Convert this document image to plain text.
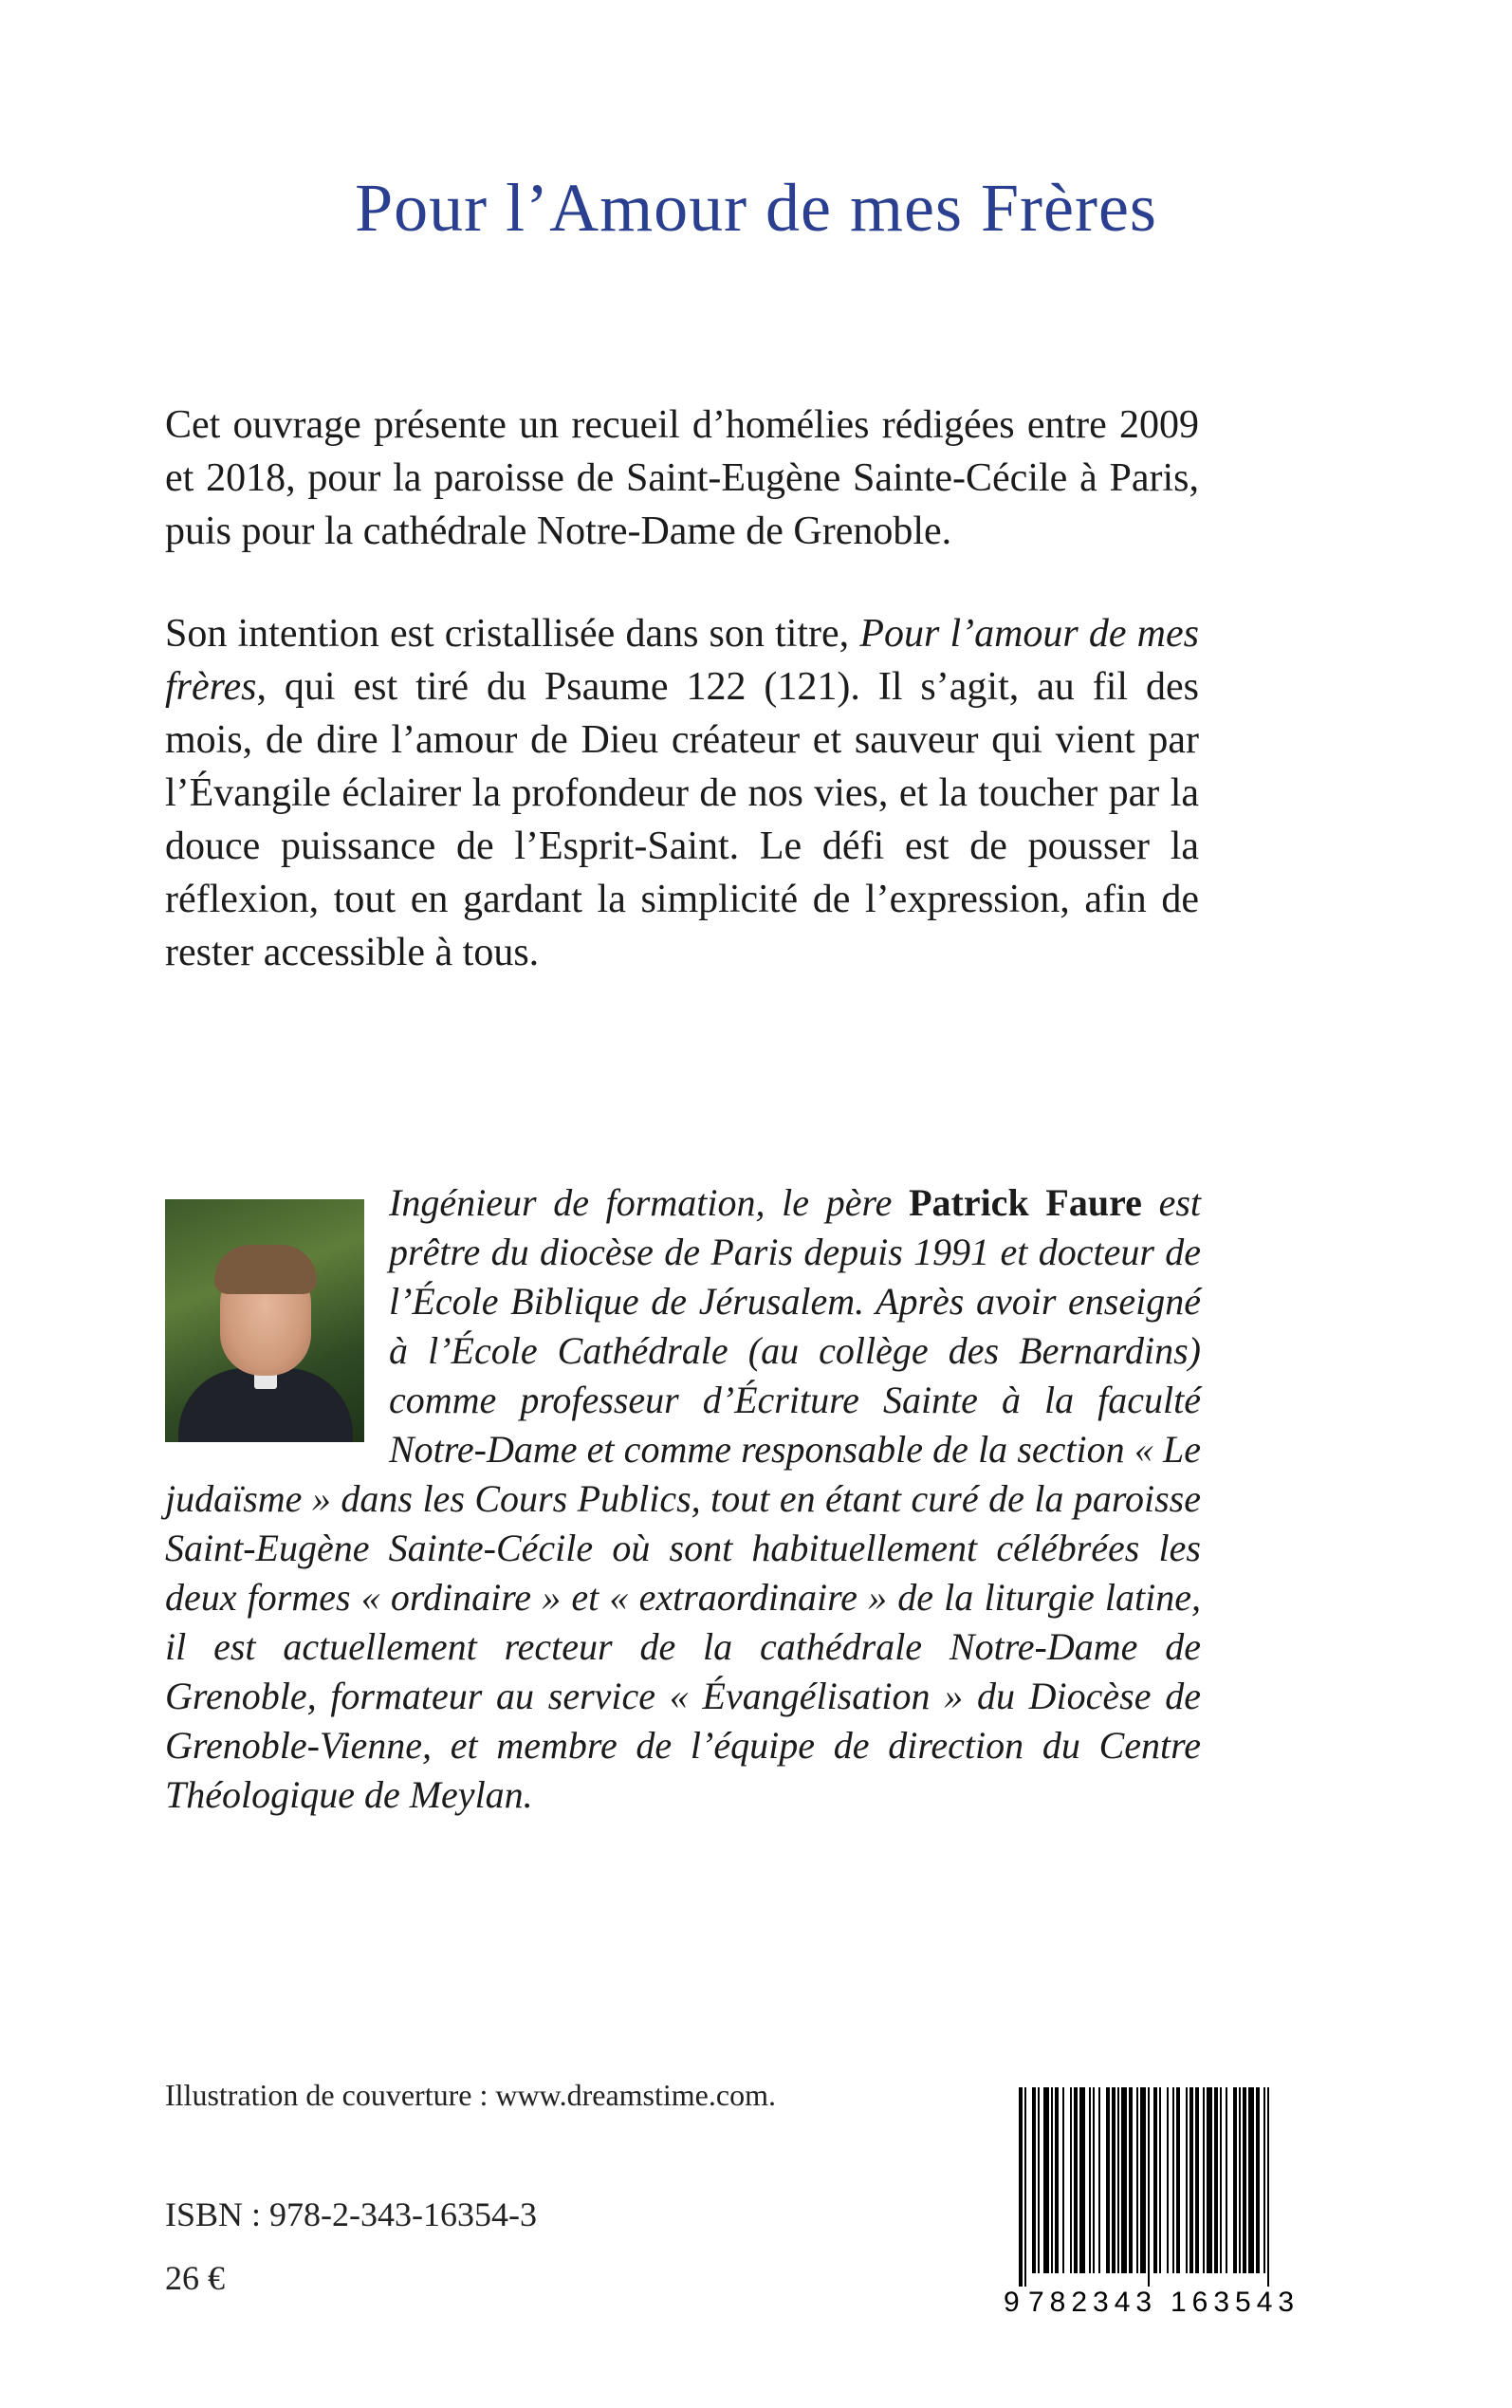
Pour l’Amour de mes Frères

Cet ouvrage présente un recueil d’homélies rédigées entre 2009 et 2018, pour la paroisse de Saint-Eugène Sainte-Cécile à Paris, puis pour la cathédrale Notre-Dame de Grenoble.

Son intention est cristallisée dans son titre, Pour l’amour de mes frères, qui est tiré du Psaume 122 (121). Il s’agit, au fil des mois, de dire l’amour de Dieu créateur et sauveur qui vient par l’Évangile éclairer la profondeur de nos vies, et la toucher par la douce puissance de l’Esprit-Saint. Le défi est de pousser la réflexion, tout en gardant la simplicité de l’expression, afin de rester accessible à tous.

Ingénieur de formation, le père Patrick Faure est prêtre du diocèse de Paris depuis 1991 et docteur de l’École Biblique de Jérusalem. Après avoir enseigné à l’École Cathédrale (au collège des Bernardins) comme professeur d’Écriture Sainte à la faculté Notre-Dame et comme responsable de la section « Le judaïsme » dans les Cours Publics, tout en étant curé de la paroisse Saint-Eugène Sainte-Cécile où sont habituellement célébrées les deux formes « ordinaire » et « extraordinaire » de la liturgie latine, il est actuellement recteur de la cathédrale Notre-Dame de Grenoble, formateur au service « Évangélisation » du Diocèse de Grenoble-Vienne, et membre de l’équipe de direction du Centre Théologique de Meylan.
Illustration de couverture : www.dreamstime.com.
ISBN : 978-2-343-16354-3
26 €
9 782343 163543
